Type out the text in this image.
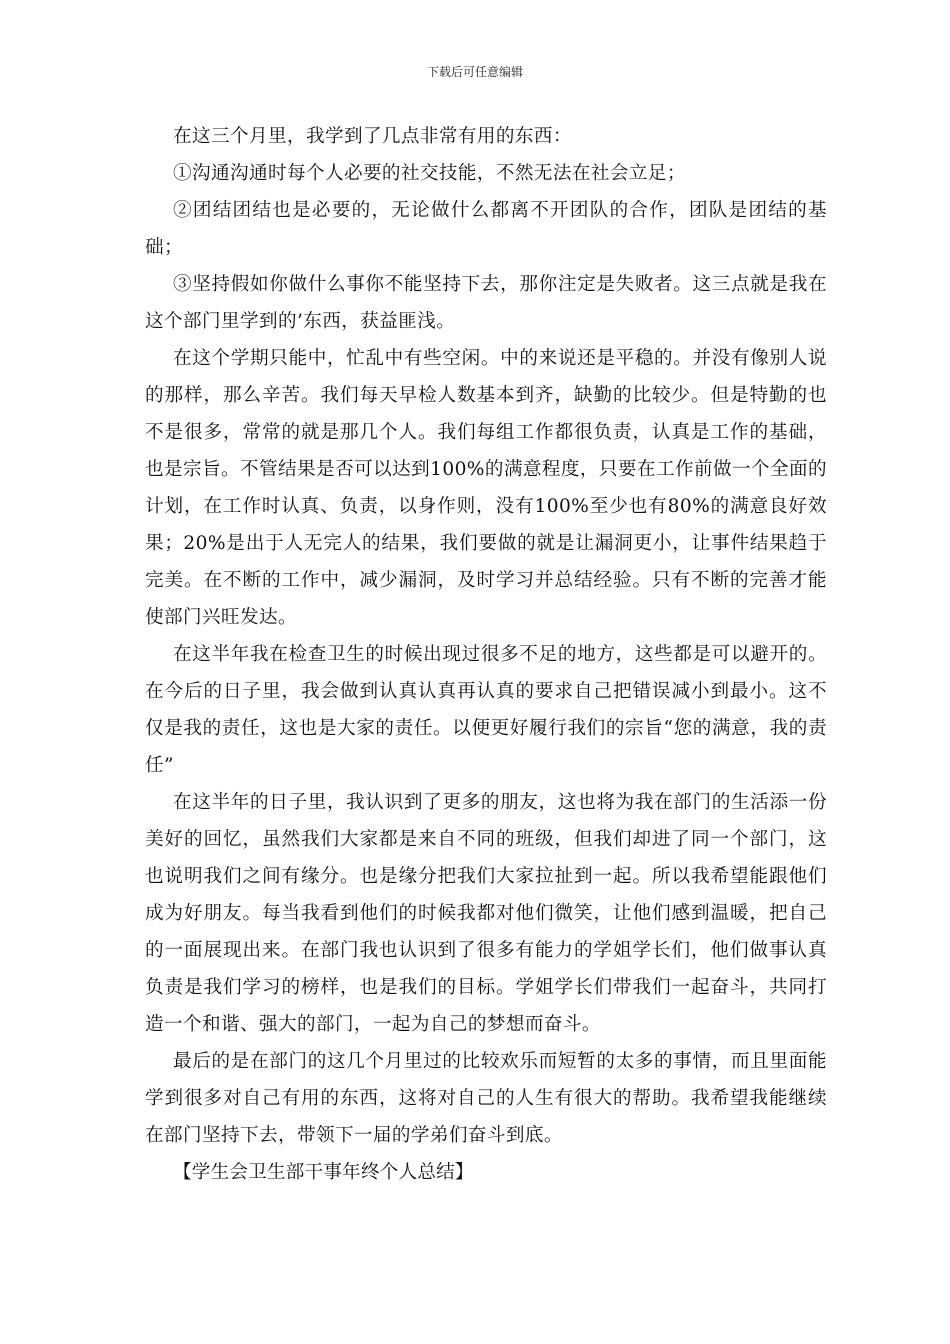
下载后可任意编辑

在这三个月里，我学到了几点非常有用的东西：

①沟通沟通时每个人必要的社交技能，不然无法在社会立足；

②团结团结也是必要的，无论做什么都离不开团队的合作，团队是团结的基础；

③坚持假如你做什么事你不能坚持下去，那你注定是失败者。这三点就是我在这个部门里学到的’东西，获益匪浅。

在这个学期只能中，忙乱中有些空闲。中的来说还是平稳的。并没有像别人说的那样，那么辛苦。我们每天早检人数基本到齐，缺勤的比较少。但是特勤的也不是很多，常常的就是那几个人。我们每组工作都很负责，认真是工作的基础，也是宗旨。不管结果是否可以达到100%的满意程度，只要在工作前做一个全面的计划，在工作时认真、负责，以身作则，没有100%至少也有80%的满意良好效果；20%是出于人无完人的结果，我们要做的就是让漏洞更小，让事件结果趋于完美。在不断的工作中，减少漏洞，及时学习并总结经验。只有不断的完善才能使部门兴旺发达。

在这半年我在检查卫生的时候出现过很多不足的地方，这些都是可以避开的。在今后的日子里，我会做到认真认真再认真的要求自己把错误减小到最小。这不仅是我的责任，这也是大家的责任。以便更好履行我们的宗旨“您的满意，我的责任”

在这半年的日子里，我认识到了更多的朋友，这也将为我在部门的生活添一份美好的回忆，虽然我们大家都是来自不同的班级，但我们却进了同一个部门，这也说明我们之间有缘分。也是缘分把我们大家拉扯到一起。所以我希望能跟他们成为好朋友。每当我看到他们的时候我都对他们微笑，让他们感到温暖，把自己的一面展现出来。在部门我也认识到了很多有能力的学姐学长们，他们做事认真负责是我们学习的榜样，也是我们的目标。学姐学长们带我们一起奋斗，共同打造一个和谐、强大的部门，一起为自己的梦想而奋斗。

最后的是在部门的这几个月里过的比较欢乐而短暂的太多的事情，而且里面能学到很多对自己有用的东西，这将对自己的人生有很大的帮助。我希望我能继续在部门坚持下去，带领下一届的学弟们奋斗到底。

【学生会卫生部干事年终个人总结】
